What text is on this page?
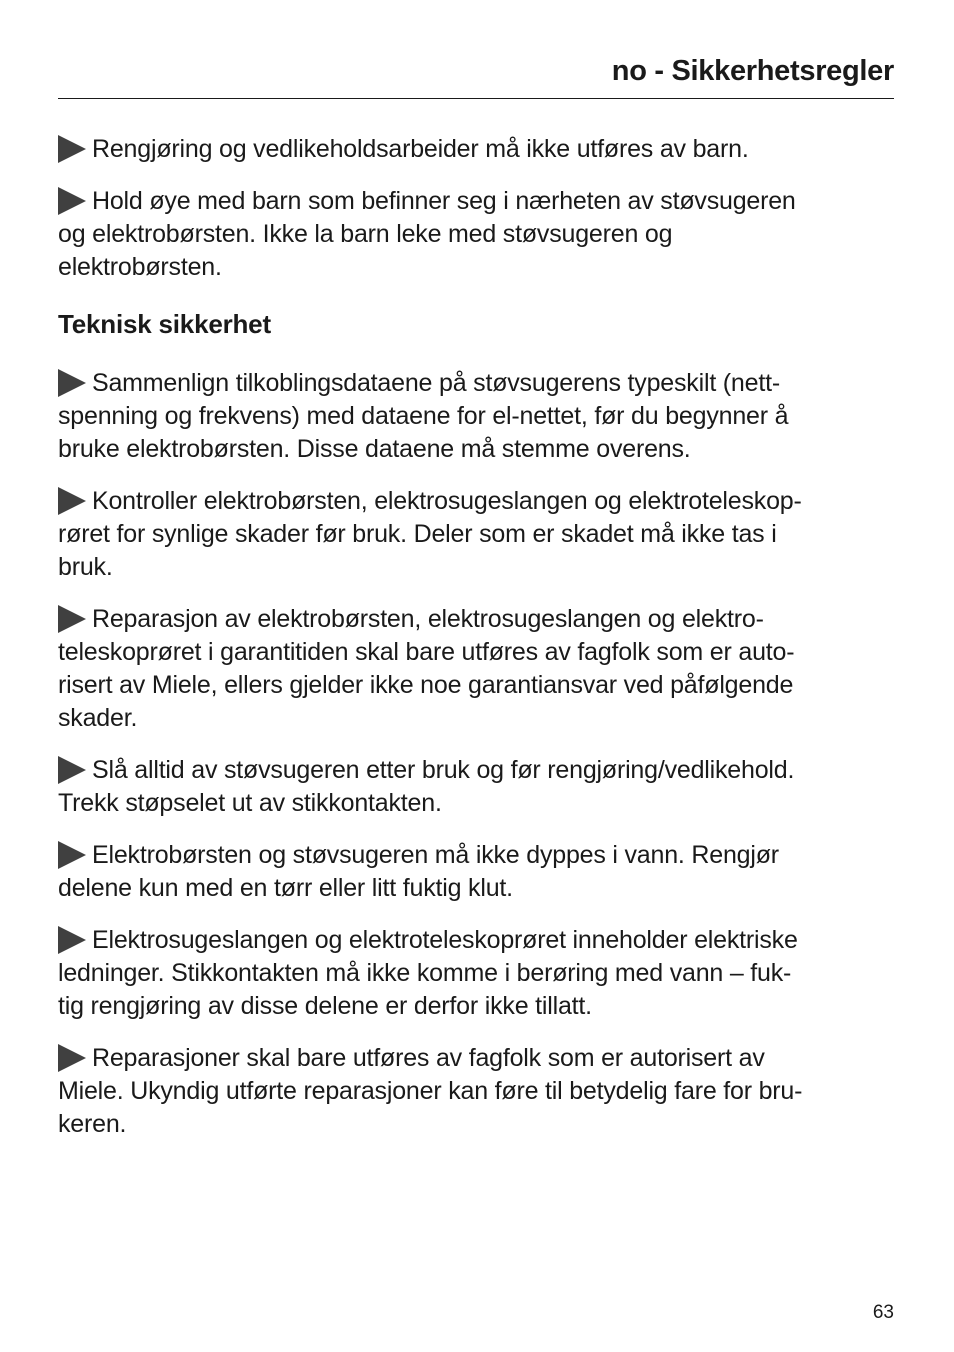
no - Sikkerhetsregler
Rengjøring og vedlikeholdsarbeider må ikke utføres av barn.
Hold øye med barn som befinner seg i nærheten av støvsugeren
og elektrobørsten. Ikke la barn leke med støvsugeren og
elektrobørsten.
Teknisk sikkerhet
Sammenlign tilkoblingsdataene på støvsugerens typeskilt (nett-
spenning og frekvens) med dataene for el-nettet, før du begynner å
bruke elektrobørsten. Disse dataene må stemme overens.
Kontroller elektrobørsten, elektrosugeslangen og elektroteleskop-
røret for synlige skader før bruk. Deler som er skadet må ikke tas i
bruk.
Reparasjon av elektrobørsten, elektrosugeslangen og elektro-
teleskoprøret i garantitiden skal bare utføres av fagfolk som er auto-
risert av Miele, ellers gjelder ikke noe garantiansvar ved påfølgende
skader.
Slå alltid av støvsugeren etter bruk og før rengjøring/vedlikehold.
Trekk støpselet ut av stikkontakten.
Elektrobørsten og støvsugeren må ikke dyppes i vann. Rengjør
delene kun med en tørr eller litt fuktig klut.
Elektrosugeslangen og elektroteleskoprøret inneholder elektriske
ledninger. Stikkontakten må ikke komme i berøring med vann – fuk-
tig rengjøring av disse delene er derfor ikke tillatt.
Reparasjoner skal bare utføres av fagfolk som er autorisert av
Miele. Ukyndig utførte reparasjoner kan føre til betydelig fare for bru-
keren.
63
